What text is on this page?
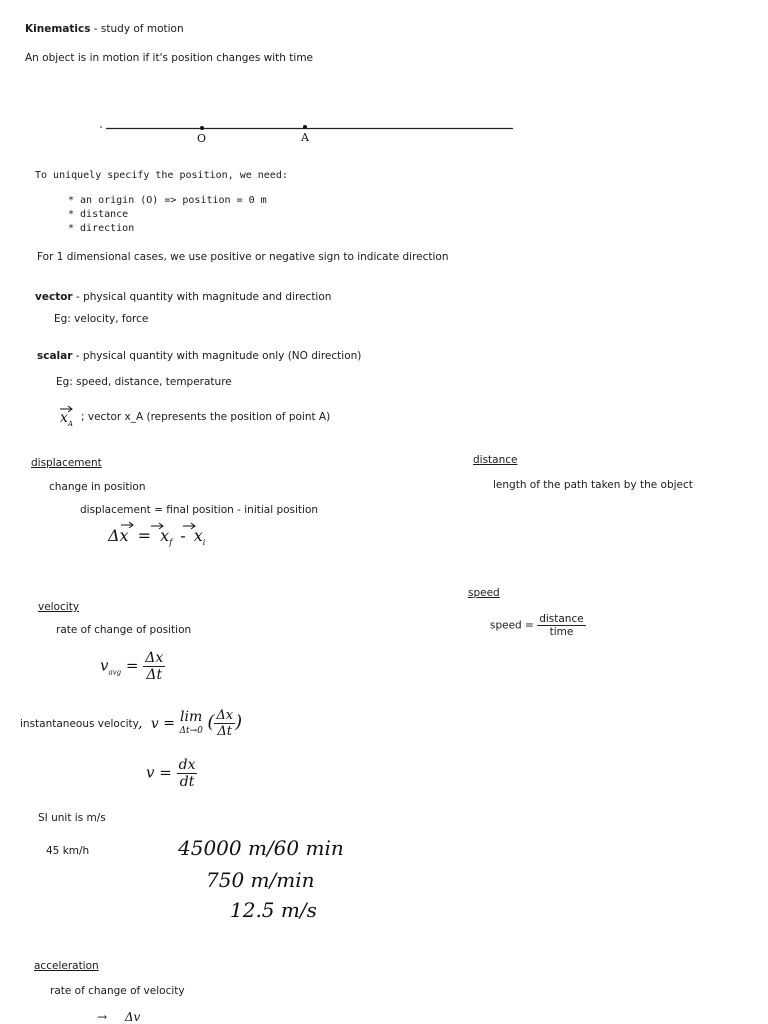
Kinematics - study of motion
An object is in motion if it's position changes with time
O	A
To uniquely specify the position, we need:
* an origin (O) => position = 0 m
* distance
* direction
For 1 dimensional cases, we use positive or negative sign to indicate direction
vector - physical quantity with magnitude and direction
Eg: velocity, force
scalar - physical quantity with magnitude only (NO direction)
Eg: speed, distance, temperature
$x_A$
; vector x_A (represents the position of point A)
displacement
change in position
displacement = final position - initial position
$\Delta x = x_f - x_i$
distance
length of the path taken by the object
speed
speed = $\frac{\text{distance}}{\text{time}}$
velocity
rate of change of position
$v_{avg} = \frac{\Delta x}{\Delta t}$
instantaneous velocity , v = lim
Δt→0 ( $\frac{\Delta x}{\Delta t}$ )
$v = \frac{dx}{dt}$
SI unit is m/s
45 km/h	45000 m/60 min
750 m/min
12.5 m/s
acceleration
rate of change of velocity
→ Δv
